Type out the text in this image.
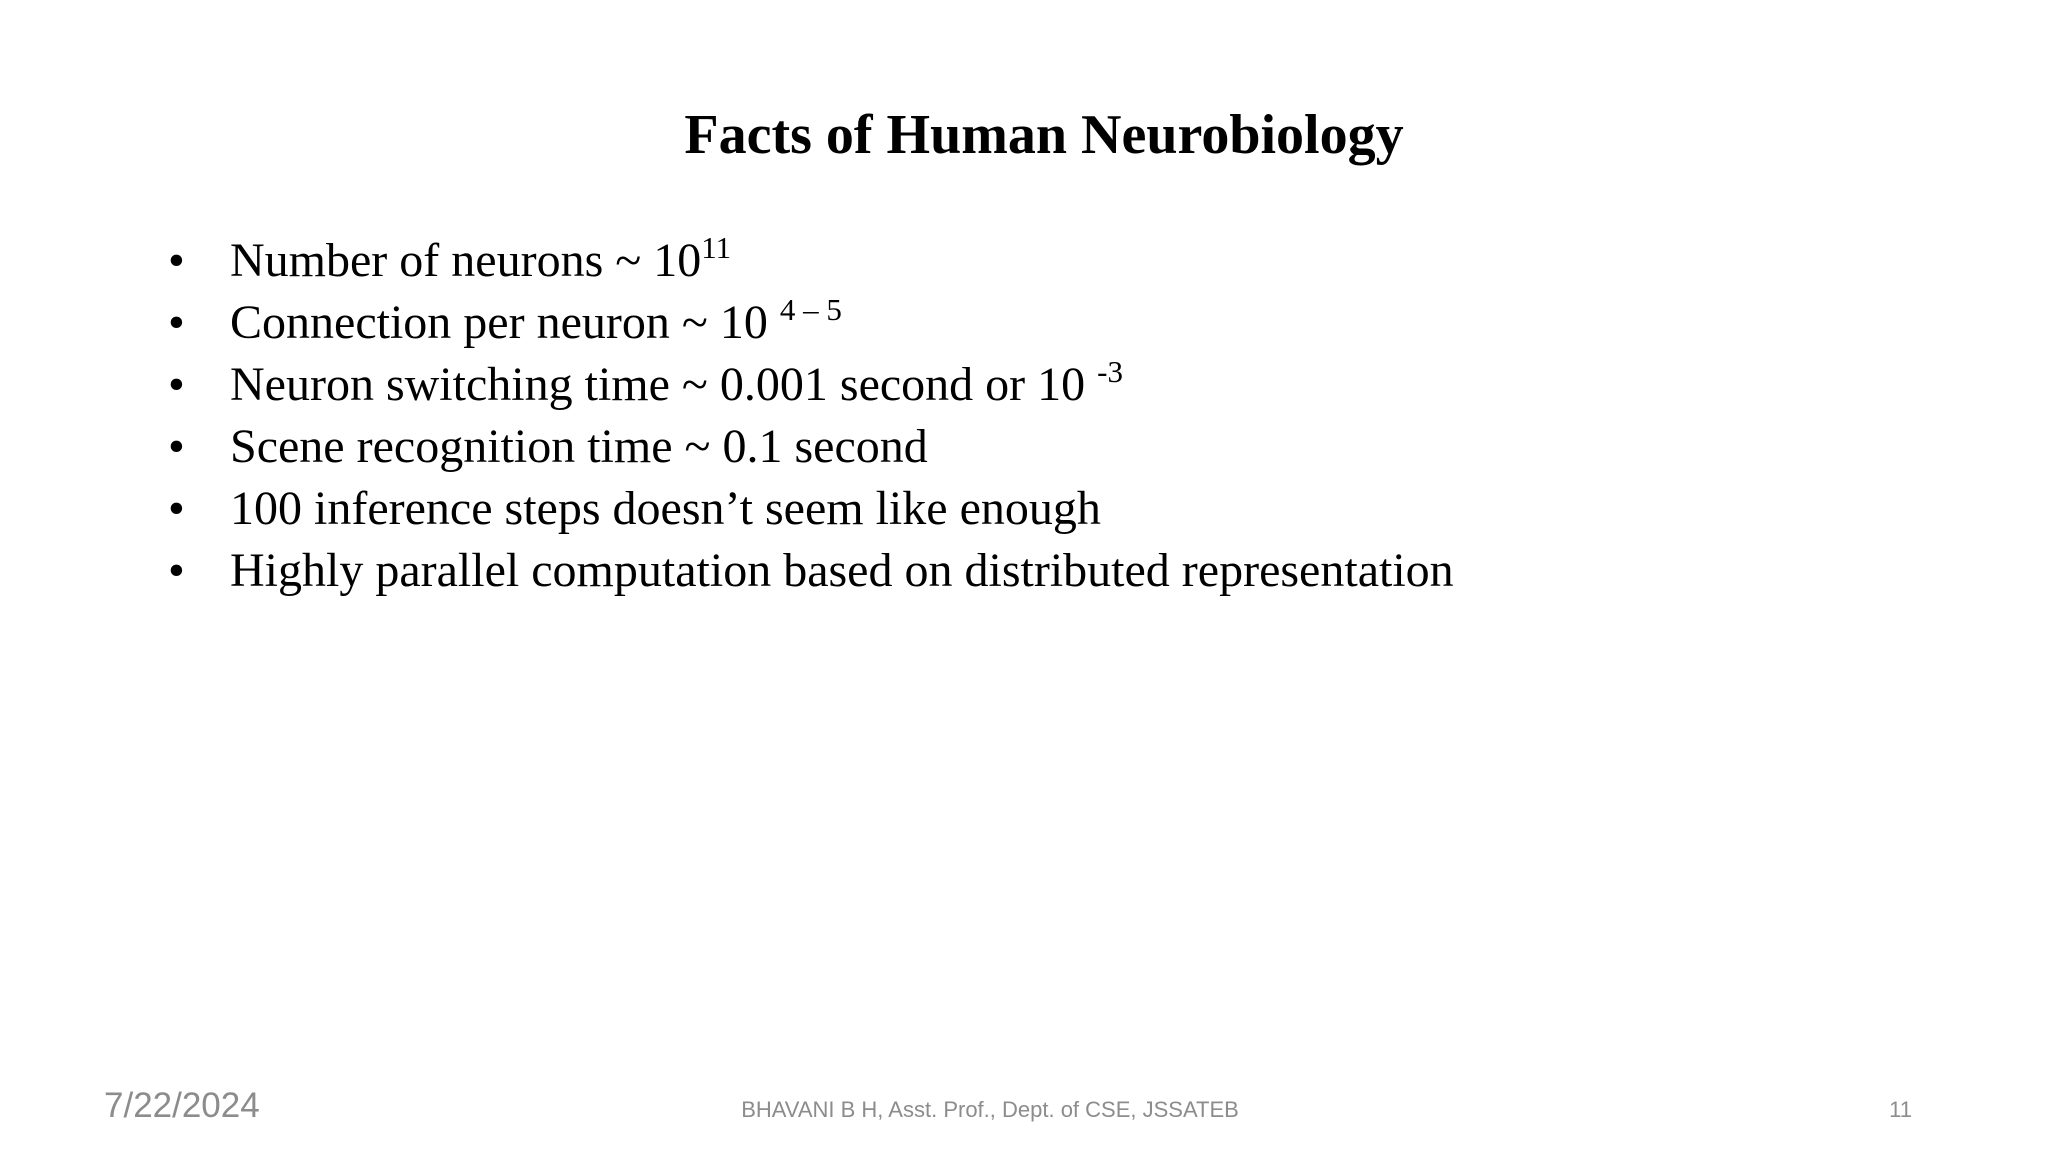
Facts of Human Neurobiology
• Number of neurons ~ $10^{11}$
• Connection per neuron ~ 10 $^{4 - 5}$
• Neuron switching time ~ 0.001 second or 10 $^{-3}$
• Scene recognition time ~ 0.1 second
• 100 inference steps doesn’t seem like enough
• Highly parallel computation based on distributed representation
7/22/2024	BHAVANI B H, Asst. Prof., Dept. of CSE, JSSATEB	11
